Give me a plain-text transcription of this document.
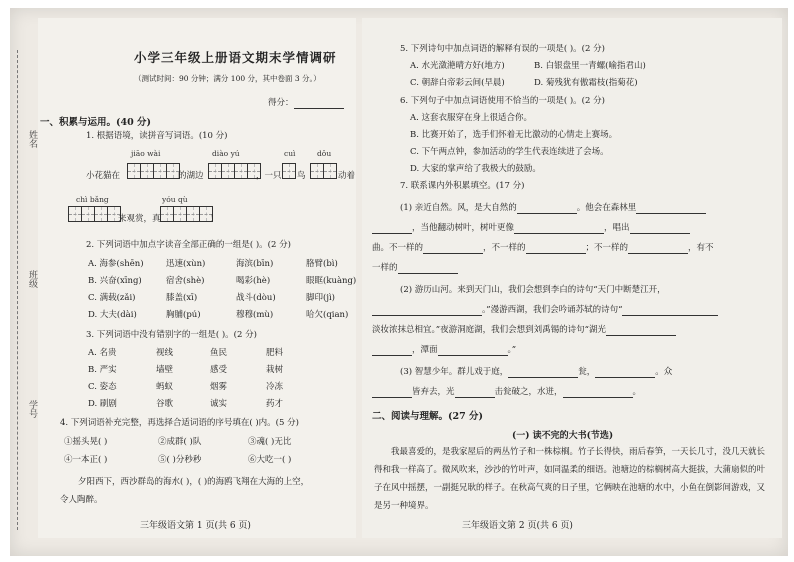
姓名
班级
学号
小学三年级上册语文期末学情调研
（测试时间：90 分钟；满分 100 分，其中卷面 3 分。）
得分：
一、积累与运用。(40 分)
1. 根据语境，读拼音写词语。(10 分)
jiāo wài	diào yú	cuì	dǒu
小花猫在	的湖边	，一只 鸟	动着
chì bǎng	yóu qù
来观赏，真	！
2. 下列词语中加点字读音全部正确的一组是( )。(2 分)
A. 海参(shēn)	迅速(xùn)	海滨(bīn)	胳臂(bì)
B. 兴奋(xīng)	宿舍(shè)	喝彩(hè)	眼眶(kuàng)
C. 满载(zǎi)	膝盖(xī)	战斗(dòu)	脚印(jì)
D. 大夫(dài)	胸脯(pú)	穆穆(mù)	哈欠(qian)
3. 下列词语中没有错别字的一组是( )。(2 分)
A. 名贵	视线	鱼民	肥料
B. 严实	墙壁	感受	栽树
C. 姿态	蚂蚁	烟雾	冷冻
D. 刷剧	谷歌	诚实	药才
4. 下列词语补充完整，再选择合适词语的序号填在( )内。(5 分)
①摇头晃( )	②成群( )队	③魂( )无比
④一本正( )	⑤( )分秒秒	⑥大吃一( )
夕阳西下，西沙群岛的海水( )，( )的海鸥飞翔在大海的上空，
令人陶醉。
三年级语文第 1 页(共 6 页)
5. 下列诗句中加点词语的解释有误的一项是( )。(2 分)
A. 水光潋滟晴方好(地方)	B. 白银盘里一青螺(喻指君山)
C. 朝辞白帝彩云间(早晨)	D. 菊残犹有傲霜枝(指菊花)
6. 下列句子中加点词语使用不恰当的一项是( )。(2 分)
A. 这套衣服穿在身上很适合你。
B. 比赛开始了，选手们怀着无比激动的心情走上赛场。
C. 下午两点钟，参加活动的学生代表连续进了会场。
D. 大家的掌声给了我极大的鼓励。
7. 联系课内外积累填空。(17 分)
(1) 亲近自然。风，是大自然的	。他会在森林里
，当他翻动树叶，树叶更像	，唱出
曲。不一样的	，不一样的	；不一样的	，有不
一样的
(2) 游历山河。来到天门山，我们会想到李白的诗句“天门中断楚江开，
。”漫游西湖，我们会吟诵苏轼的诗句“
淡妆浓抹总相宜。”夜游洞庭湖，我们会想到刘禹锡的诗句“湖光
，潭面	。”
(3) 智慧少年。群儿戏于庭，	瓮，	。众
皆弃去，光	击瓮破之，水迸，	。
二、阅读与理解。(27 分)
(一) 读不完的大书(节选)
我最喜爱的，是我家屋后的两丛竹子和一株棕榈。竹子长得快，雨后春笋，一天长几寸，没几天就长得和我一样高了。微风吹来，沙沙的竹叶声，如同温柔的细语。池塘边的棕榈树高大挺拔，大蒲扇似的叶子在风中摇摆，一副挺兄耿的样子。在秋高气爽的日子里，它俩映在池塘的水中，小鱼在倒影间游戏，又是另一种境界。
三年级语文第 2 页(共 6 页)
